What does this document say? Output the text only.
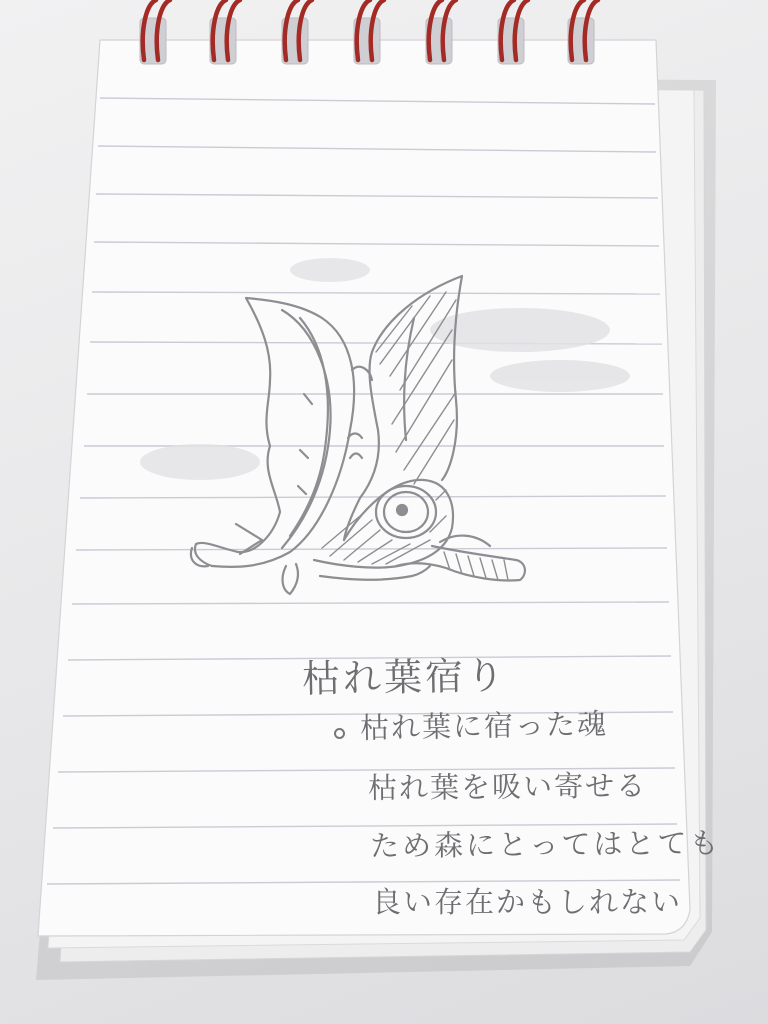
枯れ葉宿り

枯れ葉に宿った魂

枯れ葉を吸い寄せる

ため森にとってはとても

良い存在かもしれない
